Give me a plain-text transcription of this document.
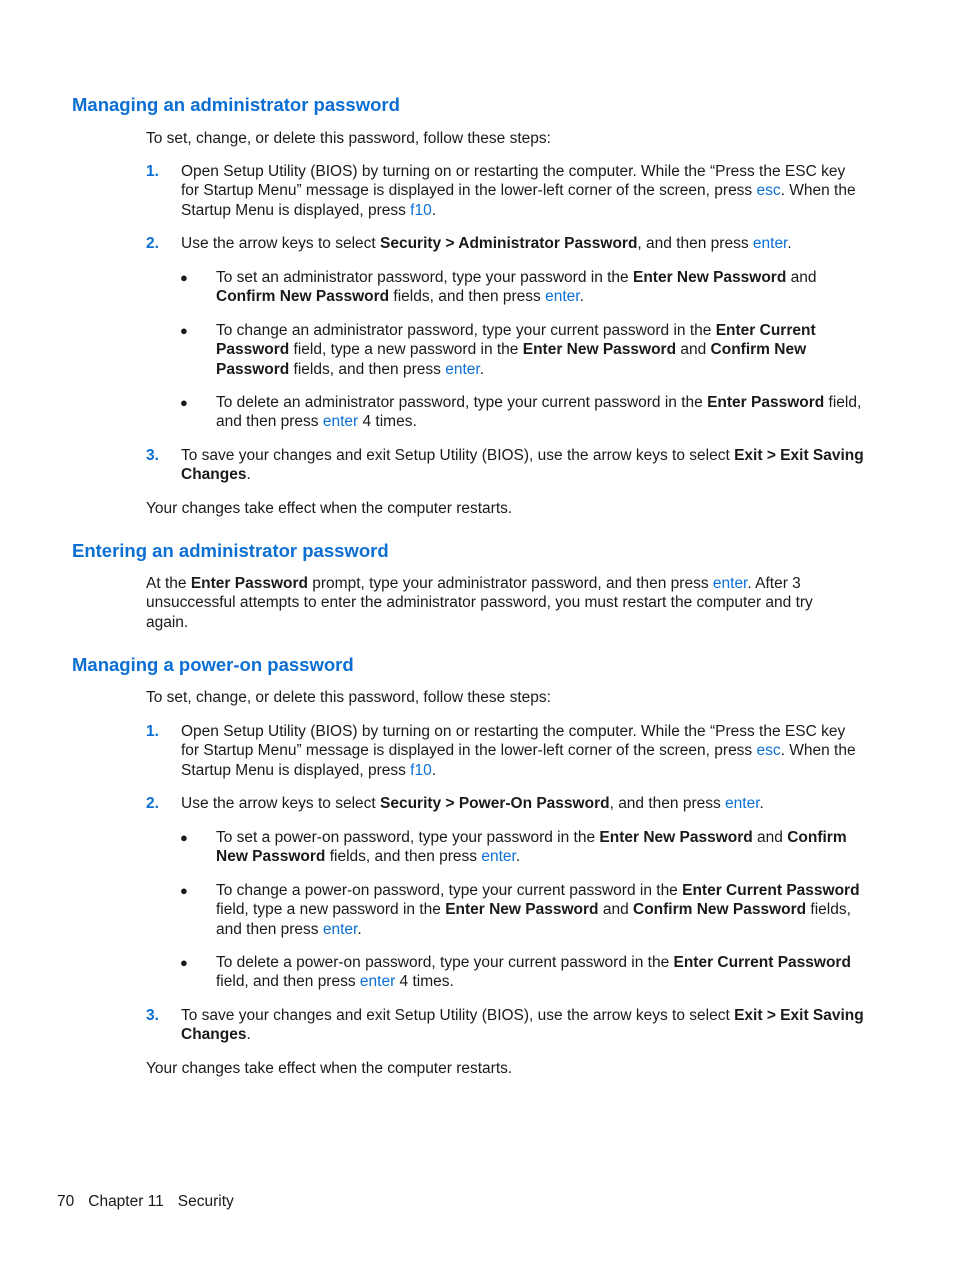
Managing an administrator password

To set, change, or delete this password, follow these steps:

1. Open Setup Utility (BIOS) by turning on or restarting the computer. While the “Press the ESC key for Startup Menu” message is displayed in the lower-left corner of the screen, press esc. When the Startup Menu is displayed, press f10.
2. Use the arrow keys to select Security > Administrator Password, and then press enter.
● To set an administrator password, type your password in the Enter New Password and Confirm New Password fields, and then press enter.
● To change an administrator password, type your current password in the Enter Current Password field, type a new password in the Enter New Password and Confirm New Password fields, and then press enter.
● To delete an administrator password, type your current password in the Enter Password field, and then press enter 4 times.
3. To save your changes and exit Setup Utility (BIOS), use the arrow keys to select Exit > Exit Saving Changes.

Your changes take effect when the computer restarts.

Entering an administrator password

At the Enter Password prompt, type your administrator password, and then press enter. After 3 unsuccessful attempts to enter the administrator password, you must restart the computer and try again.

Managing a power-on password

To set, change, or delete this password, follow these steps:

1. Open Setup Utility (BIOS) by turning on or restarting the computer. While the “Press the ESC key for Startup Menu” message is displayed in the lower-left corner of the screen, press esc. When the Startup Menu is displayed, press f10.
2. Use the arrow keys to select Security > Power-On Password, and then press enter.
● To set a power-on password, type your password in the Enter New Password and Confirm New Password fields, and then press enter.
● To change a power-on password, type your current password in the Enter Current Password field, type a new password in the Enter New Password and Confirm New Password fields, and then press enter.
● To delete a power-on password, type your current password in the Enter Current Password field, and then press enter 4 times.
3. To save your changes and exit Setup Utility (BIOS), use the arrow keys to select Exit > Exit Saving Changes.

Your changes take effect when the computer restarts.

70 Chapter 11 Security
